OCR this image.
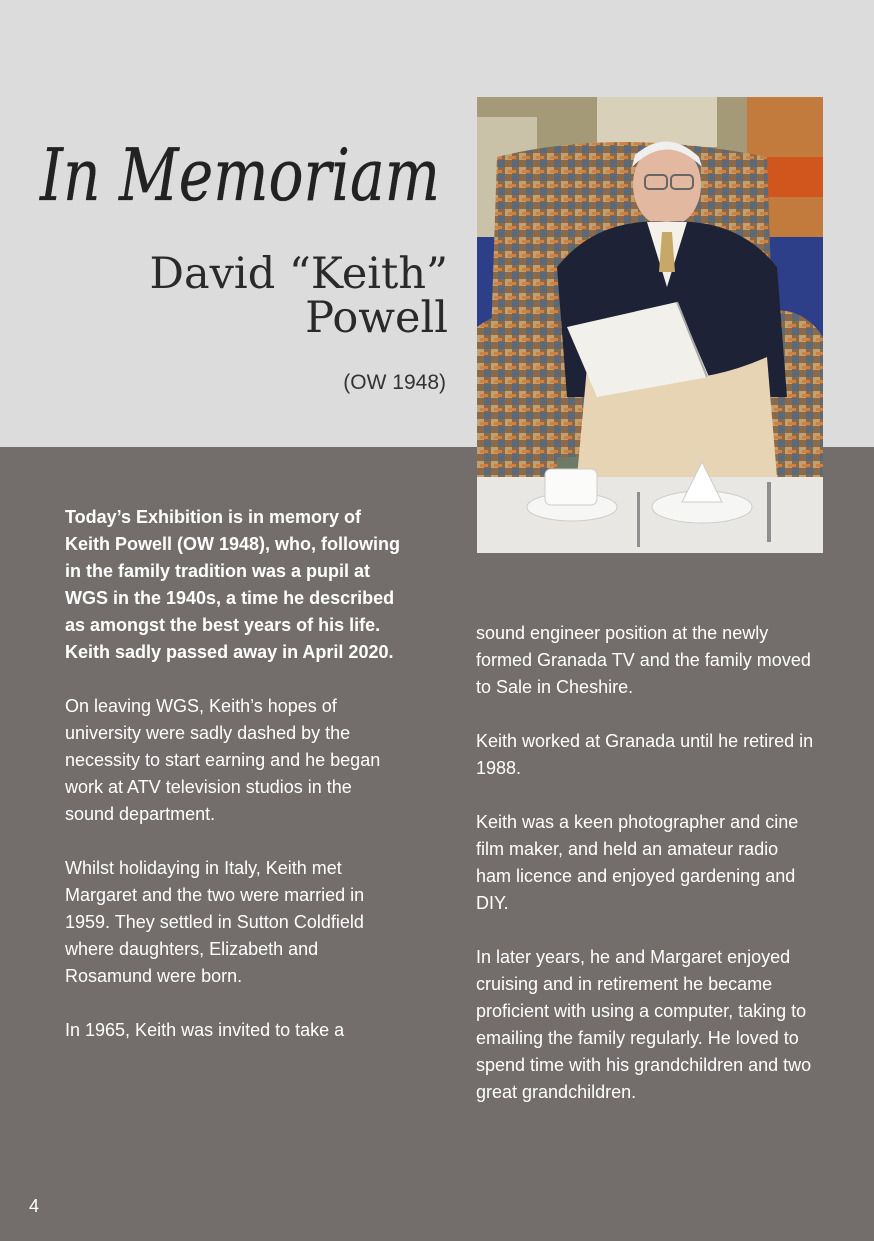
In Memoriam
David “Keith”
Powell
(OW 1948)

Today’s Exhibition is in memory of Keith Powell (OW 1948), who, following in the family tradition was a pupil at WGS in the 1940s, a time he described as amongst the best years of his life. Keith sadly passed away in April 2020.

On leaving WGS, Keith’s hopes of university were sadly dashed by the necessity to start earning and he began work at ATV television studios in the sound department.

Whilst holidaying in Italy, Keith met Margaret and the two were married in 1959. They settled in Sutton Coldfield where daughters, Elizabeth and Rosamund were born.

In 1965, Keith was invited to take a

sound engineer position at the newly formed Granada TV and the family moved to Sale in Cheshire.

Keith worked at Granada until he retired in 1988.

Keith was a keen photographer and cine film maker, and held an amateur radio ham licence and enjoyed gardening and DIY.

In later years, he and Margaret enjoyed cruising and in retirement he became proficient with using a computer, taking to emailing the family regularly. He loved to spend time with his grandchildren and two great grandchildren.

4
